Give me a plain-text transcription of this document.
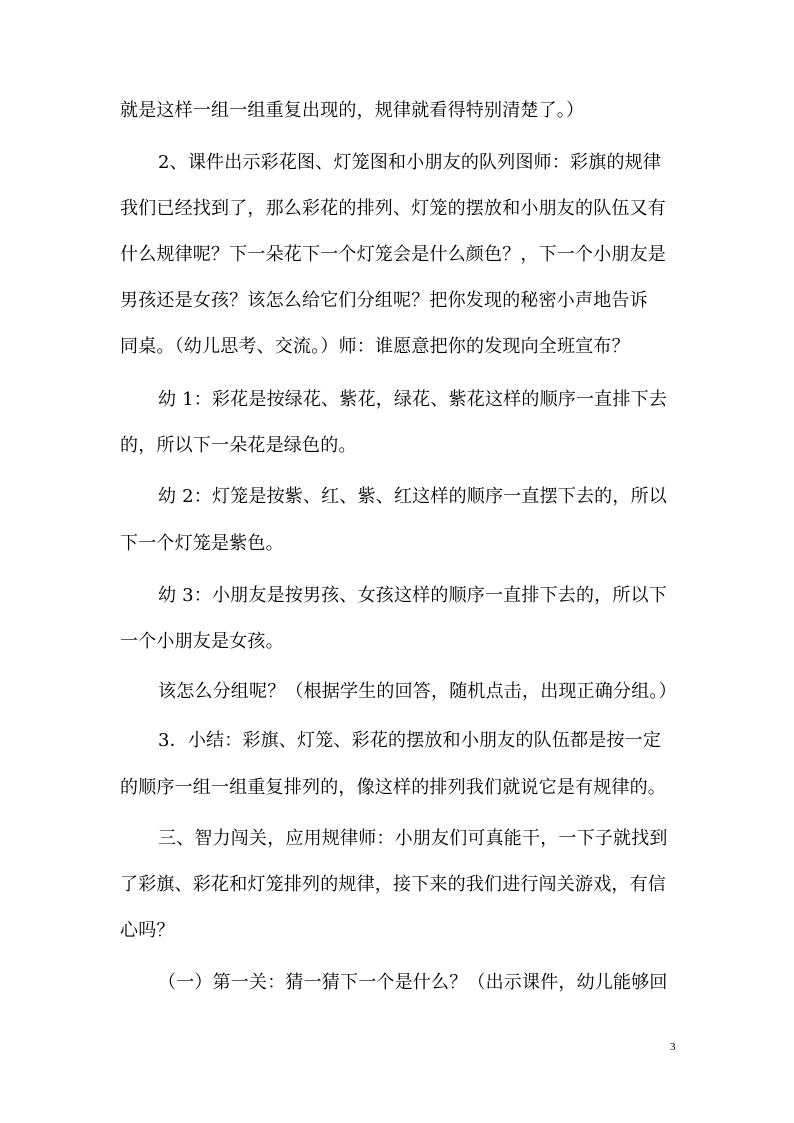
就是这样一组一组重复出现的，规律就看得特别清楚了。）
2、课件出示彩花图、灯笼图和小朋友的队列图师：彩旗的规律
我们已经找到了，那么彩花的排列、灯笼的摆放和小朋友的队伍又有
什么规律呢？下一朵花下一个灯笼会是什么颜色？，下一个小朋友是
男孩还是女孩？该怎么给它们分组呢？把你发现的秘密小声地告诉
同桌。（幼儿思考、交流。）师：谁愿意把你的发现向全班宣布？
幼 1：彩花是按绿花、紫花，绿花、紫花这样的顺序一直排下去
的，所以下一朵花是绿色的。
幼 2：灯笼是按紫、红、紫、红这样的顺序一直摆下去的，所以
下一个灯笼是紫色。
幼 3：小朋友是按男孩、女孩这样的顺序一直排下去的，所以下
一个小朋友是女孩。
该怎么分组呢？（根据学生的回答，随机点击，出现正确分组。）
3．小结：彩旗、灯笼、彩花的摆放和小朋友的队伍都是按一定
的顺序一组一组重复排列的，像这样的排列我们就说它是有规律的。
三、智力闯关，应用规律师：小朋友们可真能干，一下子就找到
了彩旗、彩花和灯笼排列的规律，接下来的我们进行闯关游戏，有信
心吗？
（一）第一关：猜一猜下一个是什么？（出示课件，幼儿能够回
3
